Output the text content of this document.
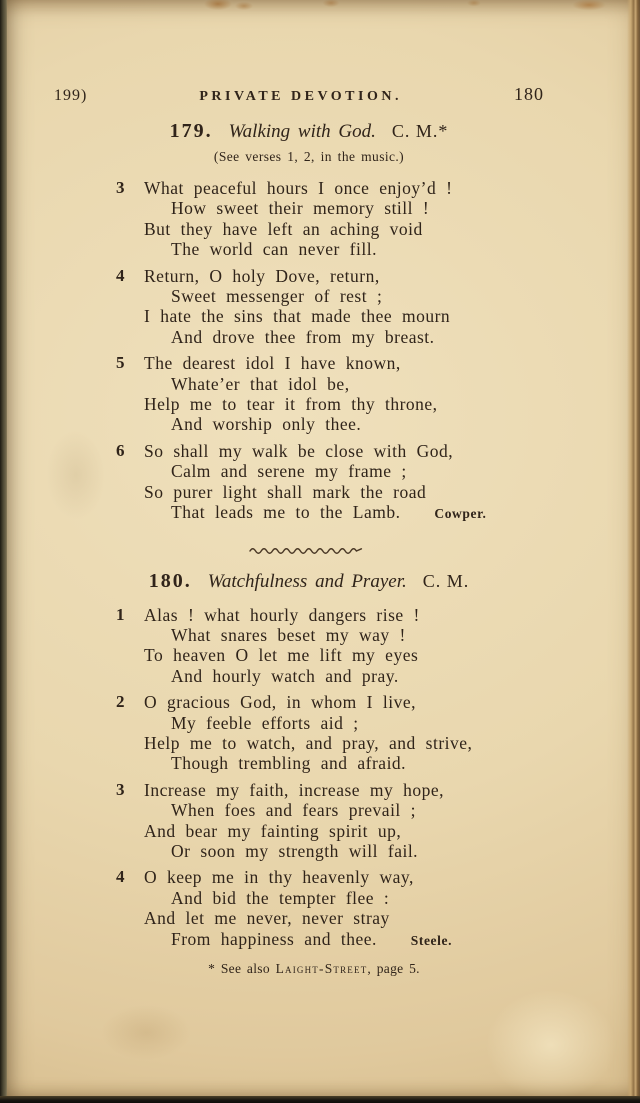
199)	PRIVATE DEVOTION.	180
179. Walking with God. C. M.*
(See verses 1, 2, in the music.)
3	What peaceful hours I once enjoy’d !
How sweet their memory still !
But they have left an aching void
The world can never fill.
4	Return, O holy Dove, return,
Sweet messenger of rest ;
I hate the sins that made thee mourn
And drove thee from my breast.
5	The dearest idol I have known,
Whate’er that idol be,
Help me to tear it from thy throne,
And worship only thee.
6	So shall my walk be close with God,
Calm and serene my frame ;
So purer light shall mark the road
That leads me to the Lamb.	Cowper.
180. Watchfulness and Prayer. C. M.
1	Alas ! what hourly dangers rise !
What snares beset my way !
To heaven O let me lift my eyes
And hourly watch and pray.
2	O gracious God, in whom I live,
My feeble efforts aid ;
Help me to watch, and pray, and strive,
Though trembling and afraid.
3	Increase my faith, increase my hope,
When foes and fears prevail ;
And bear my fainting spirit up,
Or soon my strength will fail.
4	O keep me in thy heavenly way,
And bid the tempter flee :
And let me never, never stray
From happiness and thee.	Steele.
* See also Laight-Street, page 5.
